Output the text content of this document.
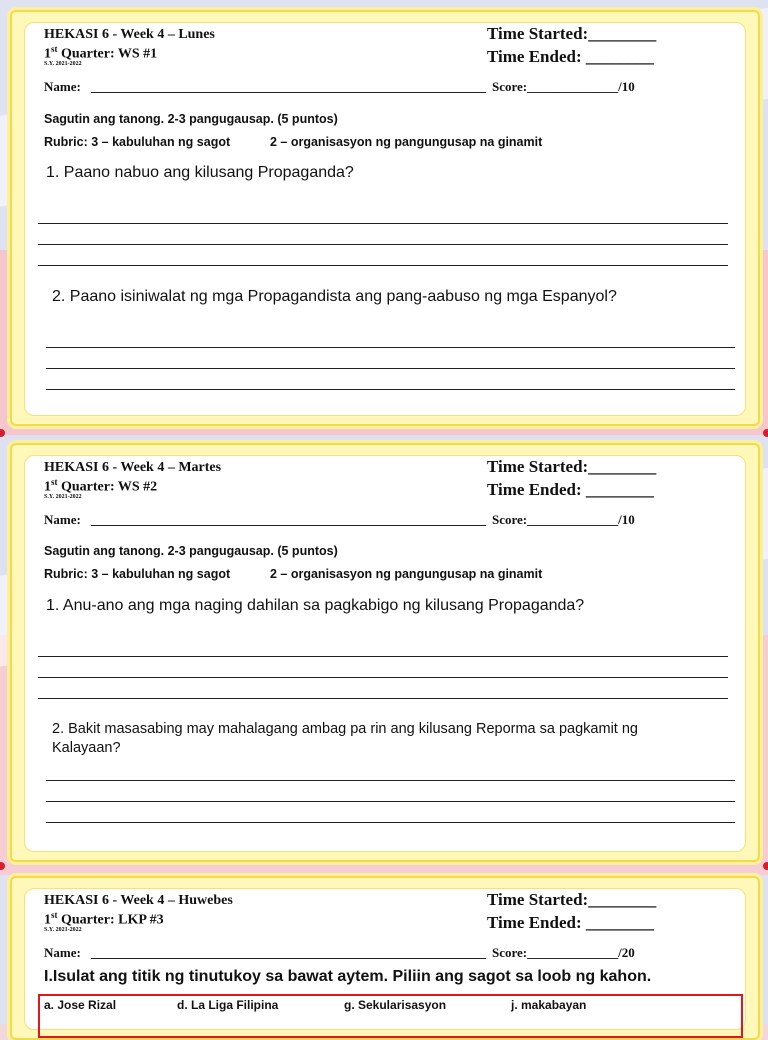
HEKASI 6 - Week 4 – Lunes
1st Quarter: WS #1
S.Y. 2021-2022
Time Started:________
Time Ended: ________
Name:	Score:______________/10
Sagutin ang tanong. 2-3 pangugausap. (5 puntos)
Rubric: 3 – kabuluhan ng sagot	2 – organisasyon ng pangungusap na ginamit
1. Paano nabuo ang kilusang Propaganda?
2. Paano isiniwalat ng mga Propagandista ang pang-aabuso ng mga Espanyol?
HEKASI 6 - Week 4 – Martes
1st Quarter: WS #2
S.Y. 2021-2022
Time Started:________
Time Ended: ________
Name:	Score:______________/10
Sagutin ang tanong. 2-3 pangugausap. (5 puntos)
Rubric: 3 – kabuluhan ng sagot	2 – organisasyon ng pangungusap na ginamit
1. Anu-ano ang mga naging dahilan sa pagkabigo ng kilusang Propaganda?
2. Bakit masasabing may mahalagang ambag pa rin ang kilusang Reporma sa pagkamit ng
Kalayaan?
HEKASI 6 - Week 4 – Huwebes
1st Quarter: LKP #3
S.Y. 2021-2022
Time Started:________
Time Ended: ________
Name:	Score:______________/20
I.Isulat ang titik ng tinutukoy sa bawat aytem. Piliin ang sagot sa loob ng kahon.
a. Jose Rizal	d. La Liga Filipina	g. Sekularisasyon	j. makabayan
